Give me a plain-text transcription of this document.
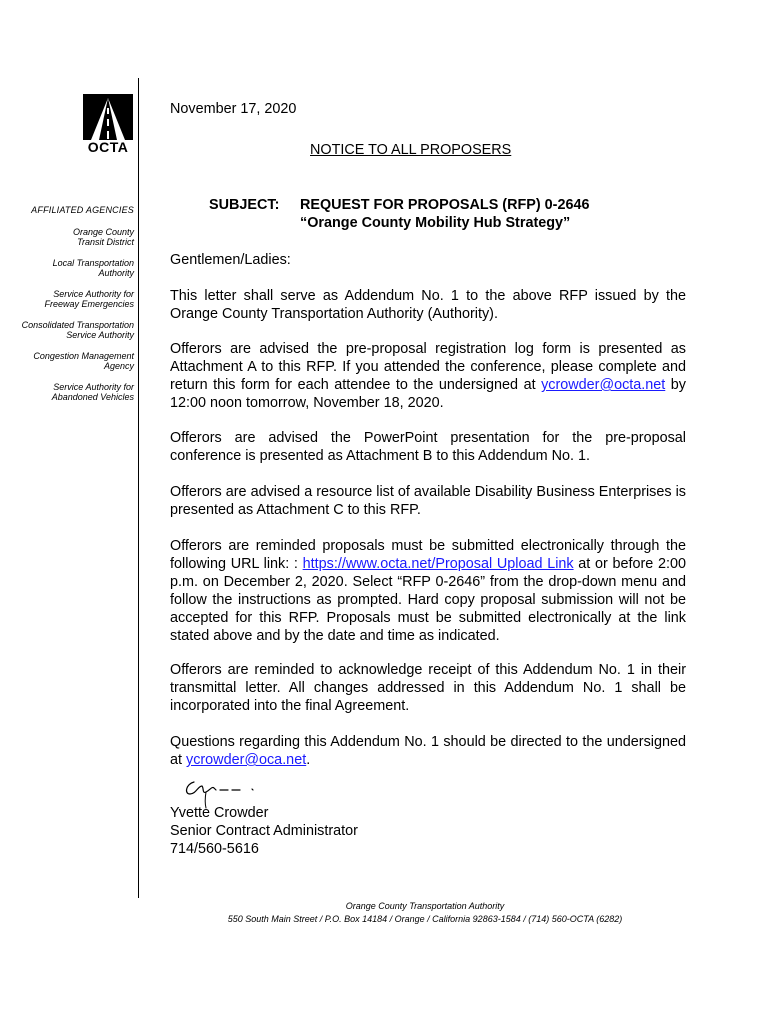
OCTA
AFFILIATED AGENCIES
Orange County
Transit District
Local Transportation
Authority
Service Authority for
Freeway Emergencies
Consolidated Transportation
Service Authority
Congestion Management
Agency
Service Authority for
Abandoned Vehicles
November 17, 2020
NOTICE TO ALL PROPOSERS
SUBJECT: REQUEST FOR PROPOSALS (RFP) 0-2646
“Orange County Mobility Hub Strategy”
Gentlemen/Ladies:

This letter shall serve as Addendum No. 1 to the above RFP issued by the Orange County Transportation Authority (Authority).

Offerors are advised the pre-proposal registration log form is presented as Attachment A to this RFP. If you attended the conference, please complete and return this form for each attendee to the undersigned at ycrowder@octa.net by 12:00 noon tomorrow, November 18, 2020.

Offerors are advised the PowerPoint presentation for the pre-proposal conference is presented as Attachment B to this Addendum No. 1.

Offerors are advised a resource list of available Disability Business Enterprises is presented as Attachment C to this RFP.

Offerors are reminded proposals must be submitted electronically through the following URL link: : https://www.octa.net/Proposal Upload Link at or before 2:00 p.m. on December 2, 2020. Select “RFP 0-2646” from the drop-down menu and follow the instructions as prompted. Hard copy proposal submission will not be accepted for this RFP. Proposals must be submitted electronically at the link stated above and by the date and time as indicated.

Offerors are reminded to acknowledge receipt of this Addendum No. 1 in their transmittal letter. All changes addressed in this Addendum No. 1 shall be incorporated into the final Agreement.

Questions regarding this Addendum No. 1 should be directed to the undersigned at ycrowder@oca.net.

Yvette Crowder
Senior Contract Administrator
714/560-5616
Orange County Transportation Authority
550 South Main Street / P.O. Box 14184 / Orange / California 92863-1584 / (714) 560-OCTA (6282)
